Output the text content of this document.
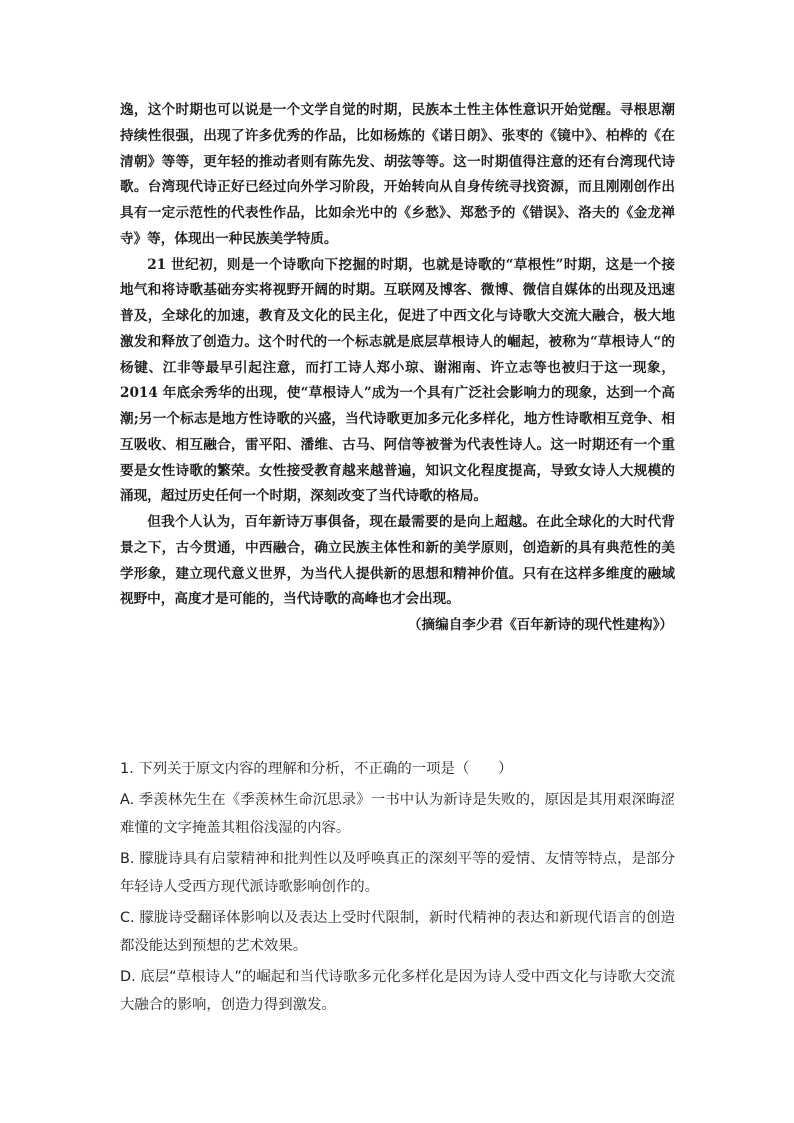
逸，这个时期也可以说是一个文学自觉的时期，民族本土性主体性意识开始觉醒。寻根思潮持续性很强，出现了许多优秀的作品，比如杨炼的《诺日朗》、张枣的《镜中》、柏桦的《在清朝》等等，更年轻的推动者则有陈先发、胡弦等等。这一时期值得注意的还有台湾现代诗歌。台湾现代诗正好已经过向外学习阶段，开始转向从自身传统寻找资源，而且刚刚创作出具有一定示范性的代表性作品，比如余光中的《乡愁》、郑愁予的《错误》、洛夫的《金龙禅寺》等，体现出一种民族美学特质。

21 世纪初，则是一个诗歌向下挖掘的时期，也就是诗歌的“草根性”时期，这是一个接地气和将诗歌基础夯实将视野开阔的时期。互联网及博客、微博、微信自媒体的出现及迅速普及，全球化的加速，教育及文化的民主化，促进了中西文化与诗歌大交流大融合，极大地激发和释放了创造力。这个时代的一个标志就是底层草根诗人的崛起，被称为“草根诗人“的杨键、江非等最早引起注意，而打工诗人郑小琼、谢湘南、许立志等也被归于这一现象，2014 年底余秀华的出现，使“草根诗人”成为一个具有广泛社会影响力的现象，达到一个高潮;另一个标志是地方性诗歌的兴盛，当代诗歌更加多元化多样化，地方性诗歌相互竞争、相互吸收、相互融合，雷平阳、潘维、古马、阿信等被誉为代表性诗人。这一时期还有一个重要是女性诗歌的繁荣。女性接受教育越来越普遍，知识文化程度提高，导致女诗人大规模的涌现，超过历史任何一个时期，深刻改变了当代诗歌的格局。

但我个人认为，百年新诗万事俱备，现在最需要的是向上超越。在此全球化的大时代背景之下，古今贯通，中西融合，确立民族主体性和新的美学原则，创造新的具有典范性的美学形象，建立现代意义世界，为当代人提供新的思想和精神价值。只有在这样多维度的融域视野中，高度才是可能的，当代诗歌的高峰也才会出现。

（摘编自李少君《百年新诗的现代性建构》）

1. 下列关于原文内容的理解和分析，不正确的一项是（　　）

A. 季羡林先生在《季羡林生命沉思录》一书中认为新诗是失败的，原因是其用艰深晦涩难懂的文字掩盖其粗俗浅湿的内容。

B. 朦胧诗具有启蒙精神和批判性以及呼唤真正的深刻平等的爱情、友情等特点，是部分年轻诗人受西方现代派诗歌影响创作的。

C. 朦胧诗受翻译体影响以及表达上受时代限制，新时代精神的表达和新现代语言的创造都没能达到预想的艺术效果。

D. 底层“草根诗人”的崛起和当代诗歌多元化多样化是因为诗人受中西文化与诗歌大交流大融合的影响，创造力得到激发。
